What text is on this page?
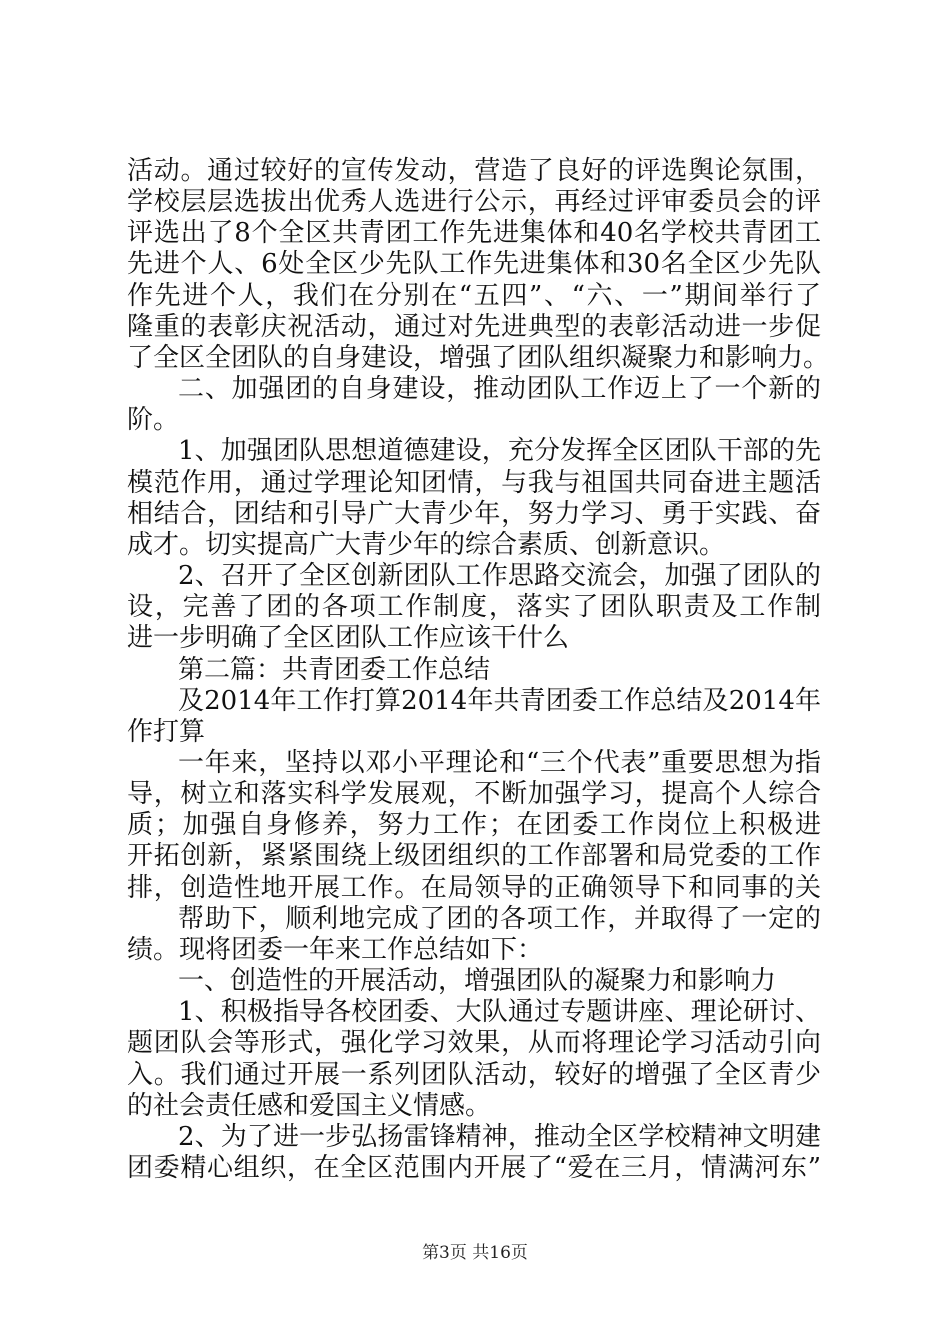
活动。通过较好的宣传发动，营造了良好的评选舆论氛围，
学校层层选拔出优秀人选进行公示，再经过评审委员会的评
评选出了8个全区共青团工作先进集体和40名学校共青团工
先进个人、6处全区少先队工作先进集体和30名全区少先队
作先进个人，我们在分别在“五四”、“六、一”期间举行了
隆重的表彰庆祝活动，通过对先进典型的表彰活动进一步促
了全区全团队的自身建设，增强了团队组织凝聚力和影响力。
二、加强团的自身建设，推动团队工作迈上了一个新的
阶。
1、加强团队思想道德建设，充分发挥全区团队干部的先
模范作用，通过学理论知团情，与我与祖国共同奋进主题活
相结合，团结和引导广大青少年，努力学习、勇于实践、奋
成才。切实提高广大青少年的综合素质、创新意识。
2、召开了全区创新团队工作思路交流会，加强了团队的
设，完善了团的各项工作制度，落实了团队职责及工作制
进一步明确了全区团队工作应该干什么
第二篇：共青团委工作总结
及2014年工作打算2014年共青团委工作总结及2014年
作打算
一年来，坚持以邓小平理论和“三个代表”重要思想为指
导，树立和落实科学发展观，不断加强学习，提高个人综合
质；加强自身修养，努力工作；在团委工作岗位上积极进
开拓创新，紧紧围绕上级团组织的工作部署和局党委的工作
排，创造性地开展工作。在局领导的正确领导下和同事的关
帮助下，顺利地完成了团的各项工作，并取得了一定的
绩。现将团委一年来工作总结如下：
一、创造性的开展活动，增强团队的凝聚力和影响力
1、积极指导各校团委、大队通过专题讲座、理论研讨、
题团队会等形式，强化学习效果，从而将理论学习活动引向
入。我们通过开展一系列团队活动，较好的增强了全区青少
的社会责任感和爱国主义情感。
2、为了进一步弘扬雷锋精神，推动全区学校精神文明建
团委精心组织，在全区范围内开展了“爱在三月，情满河东”
第3页 共16页
